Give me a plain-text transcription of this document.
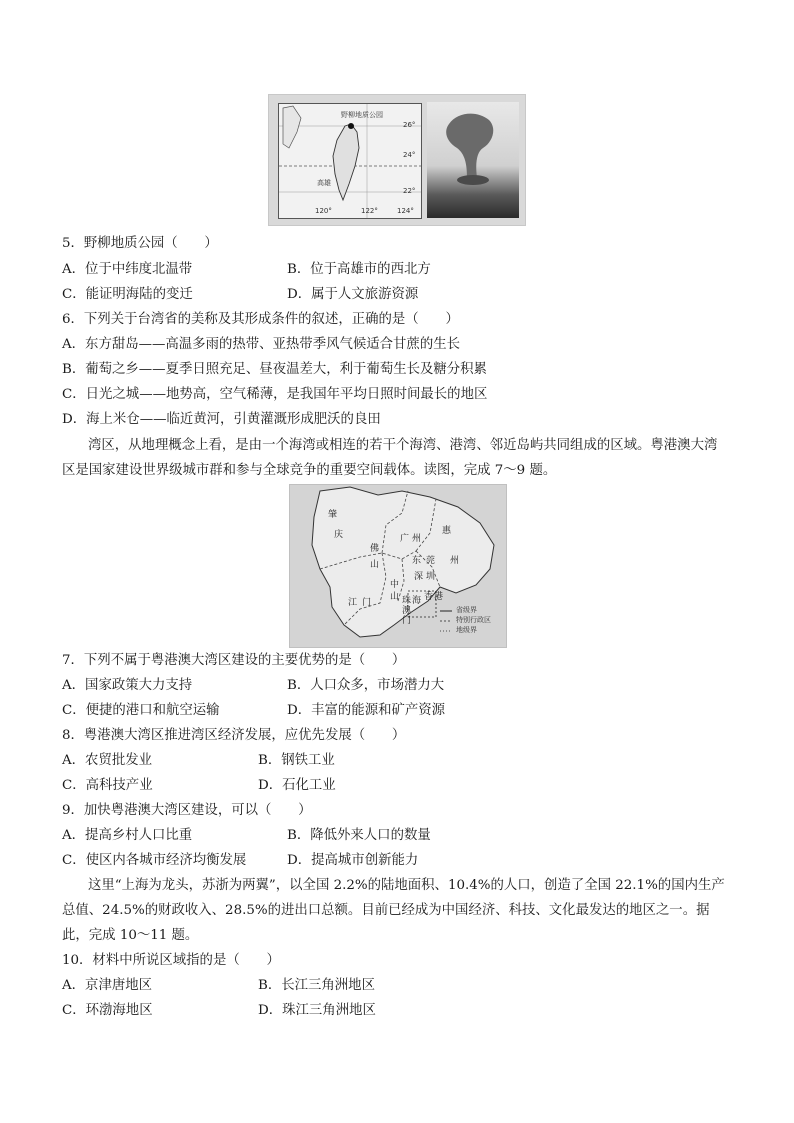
野柳地质公园
高雄
26°
24°
22°
120°	122°	124°
5．野柳地质公园（　　）
A．位于中纬度北温带	B．位于高雄市的西北方
C．能证明海陆的变迁	D．属于人文旅游资源
6．下列关于台湾省的美称及其形成条件的叙述，正确的是（　　）
A．东方甜岛——高温多雨的热带、亚热带季风气候适合甘蔗的生长
B．葡萄之乡——夏季日照充足、昼夜温差大，利于葡萄生长及糖分积累
C．日光之城——地势高，空气稀薄，是我国年平均日照时间最长的地区
D．海上米仓——临近黄河，引黄灌溉形成肥沃的良田
湾区，从地理概念上看，是由一个海湾或相连的若干个海湾、港湾、邻近岛屿共同组成的区域。粤港澳大湾区是国家建设世界级城市群和参与全球竞争的重要空间载体。读图，完成 7～9 题。
肇
庆	广 州
惠
州
佛
山	东 莞
中
山
深 圳
珠 海 香 港
澳
门
江 门
省级界
特别行政区
地级界
7．下列不属于粤港澳大湾区建设的主要优势的是（　　）
A．国家政策大力支持	B．人口众多，市场潜力大
C．便捷的港口和航空运输	D．丰富的能源和矿产资源
8．粤港澳大湾区推进湾区经济发展，应优先发展（　　）
A．农贸批发业	B．钢铁工业
C．高科技产业	D．石化工业
9．加快粤港澳大湾区建设，可以（　　）
A．提高乡村人口比重	B．降低外来人口的数量
C．使区内各城市经济均衡发展	D．提高城市创新能力
这里“上海为龙头，苏浙为两翼”，以全国 2.2%的陆地面积、10.4%的人口，创造了全国 22.1%的国内生产总值、24.5%的财政收入、28.5%的进出口总额。目前已经成为中国经济、科技、文化最发达的地区之一。据此，完成 10～11 题。
10．材料中所说区域指的是（　　）
A．京津唐地区	B．长江三角洲地区
C．环渤海地区	D．珠江三角洲地区
